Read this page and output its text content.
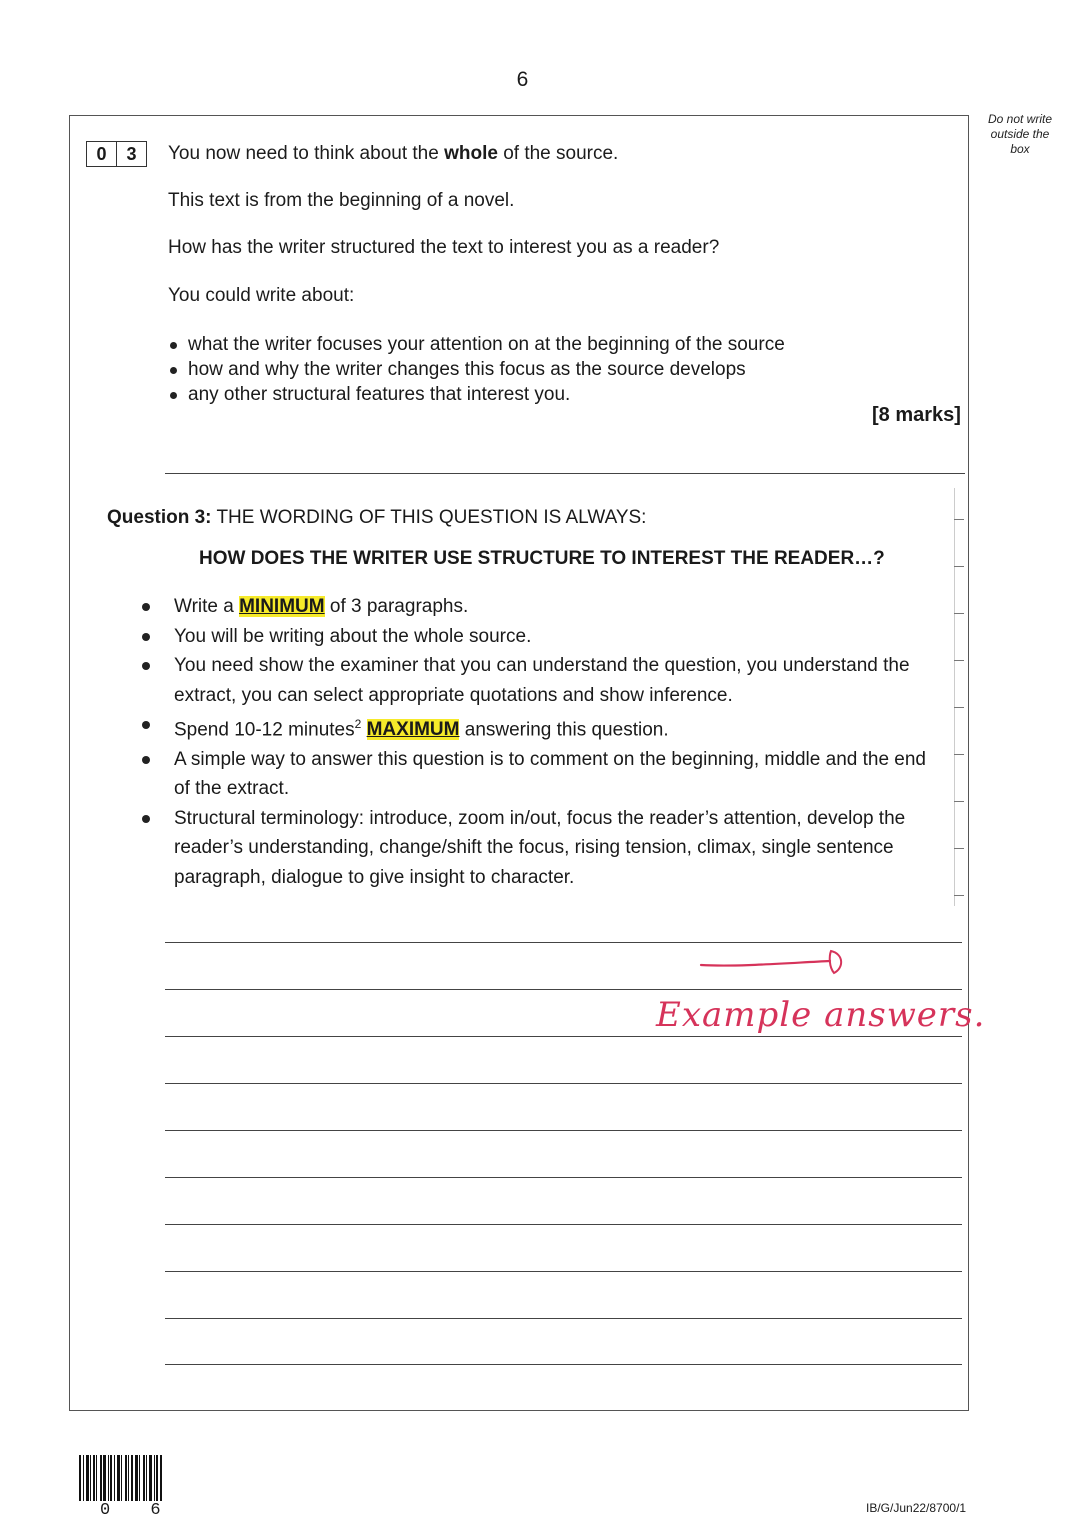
6
Do not write outside the box
0	3	You now need to think about the whole of the source.
This text is from the beginning of a novel.
How has the writer structured the text to interest you as a reader?
You could write about:
what the writer focuses your attention on at the beginning of the source
how and why the writer changes this focus as the source develops
any other structural features that interest you.
[8 marks]
Question 3: THE WORDING OF THIS QUESTION IS ALWAYS:
HOW DOES THE WRITER USE STRUCTURE TO INTEREST THE READER…?
Write a MINIMUM of 3 paragraphs.
You will be writing about the whole source.
You need show the examiner that you can understand the question, you understand the extract, you can select appropriate quotations and show inference.
Spend 10-12 minutes$^2$ MAXIMUM answering this question.
A simple way to answer this question is to comment on the beginning, middle and the end of the extract.
Structural terminology: introduce, zoom in/out, focus the reader’s attention, develop the reader’s understanding, change/shift the focus, rising tension, climax, single sentence paragraph, dialogue to give insight to character.
Example answers.
0 6	IB/G/Jun22/8700/1
